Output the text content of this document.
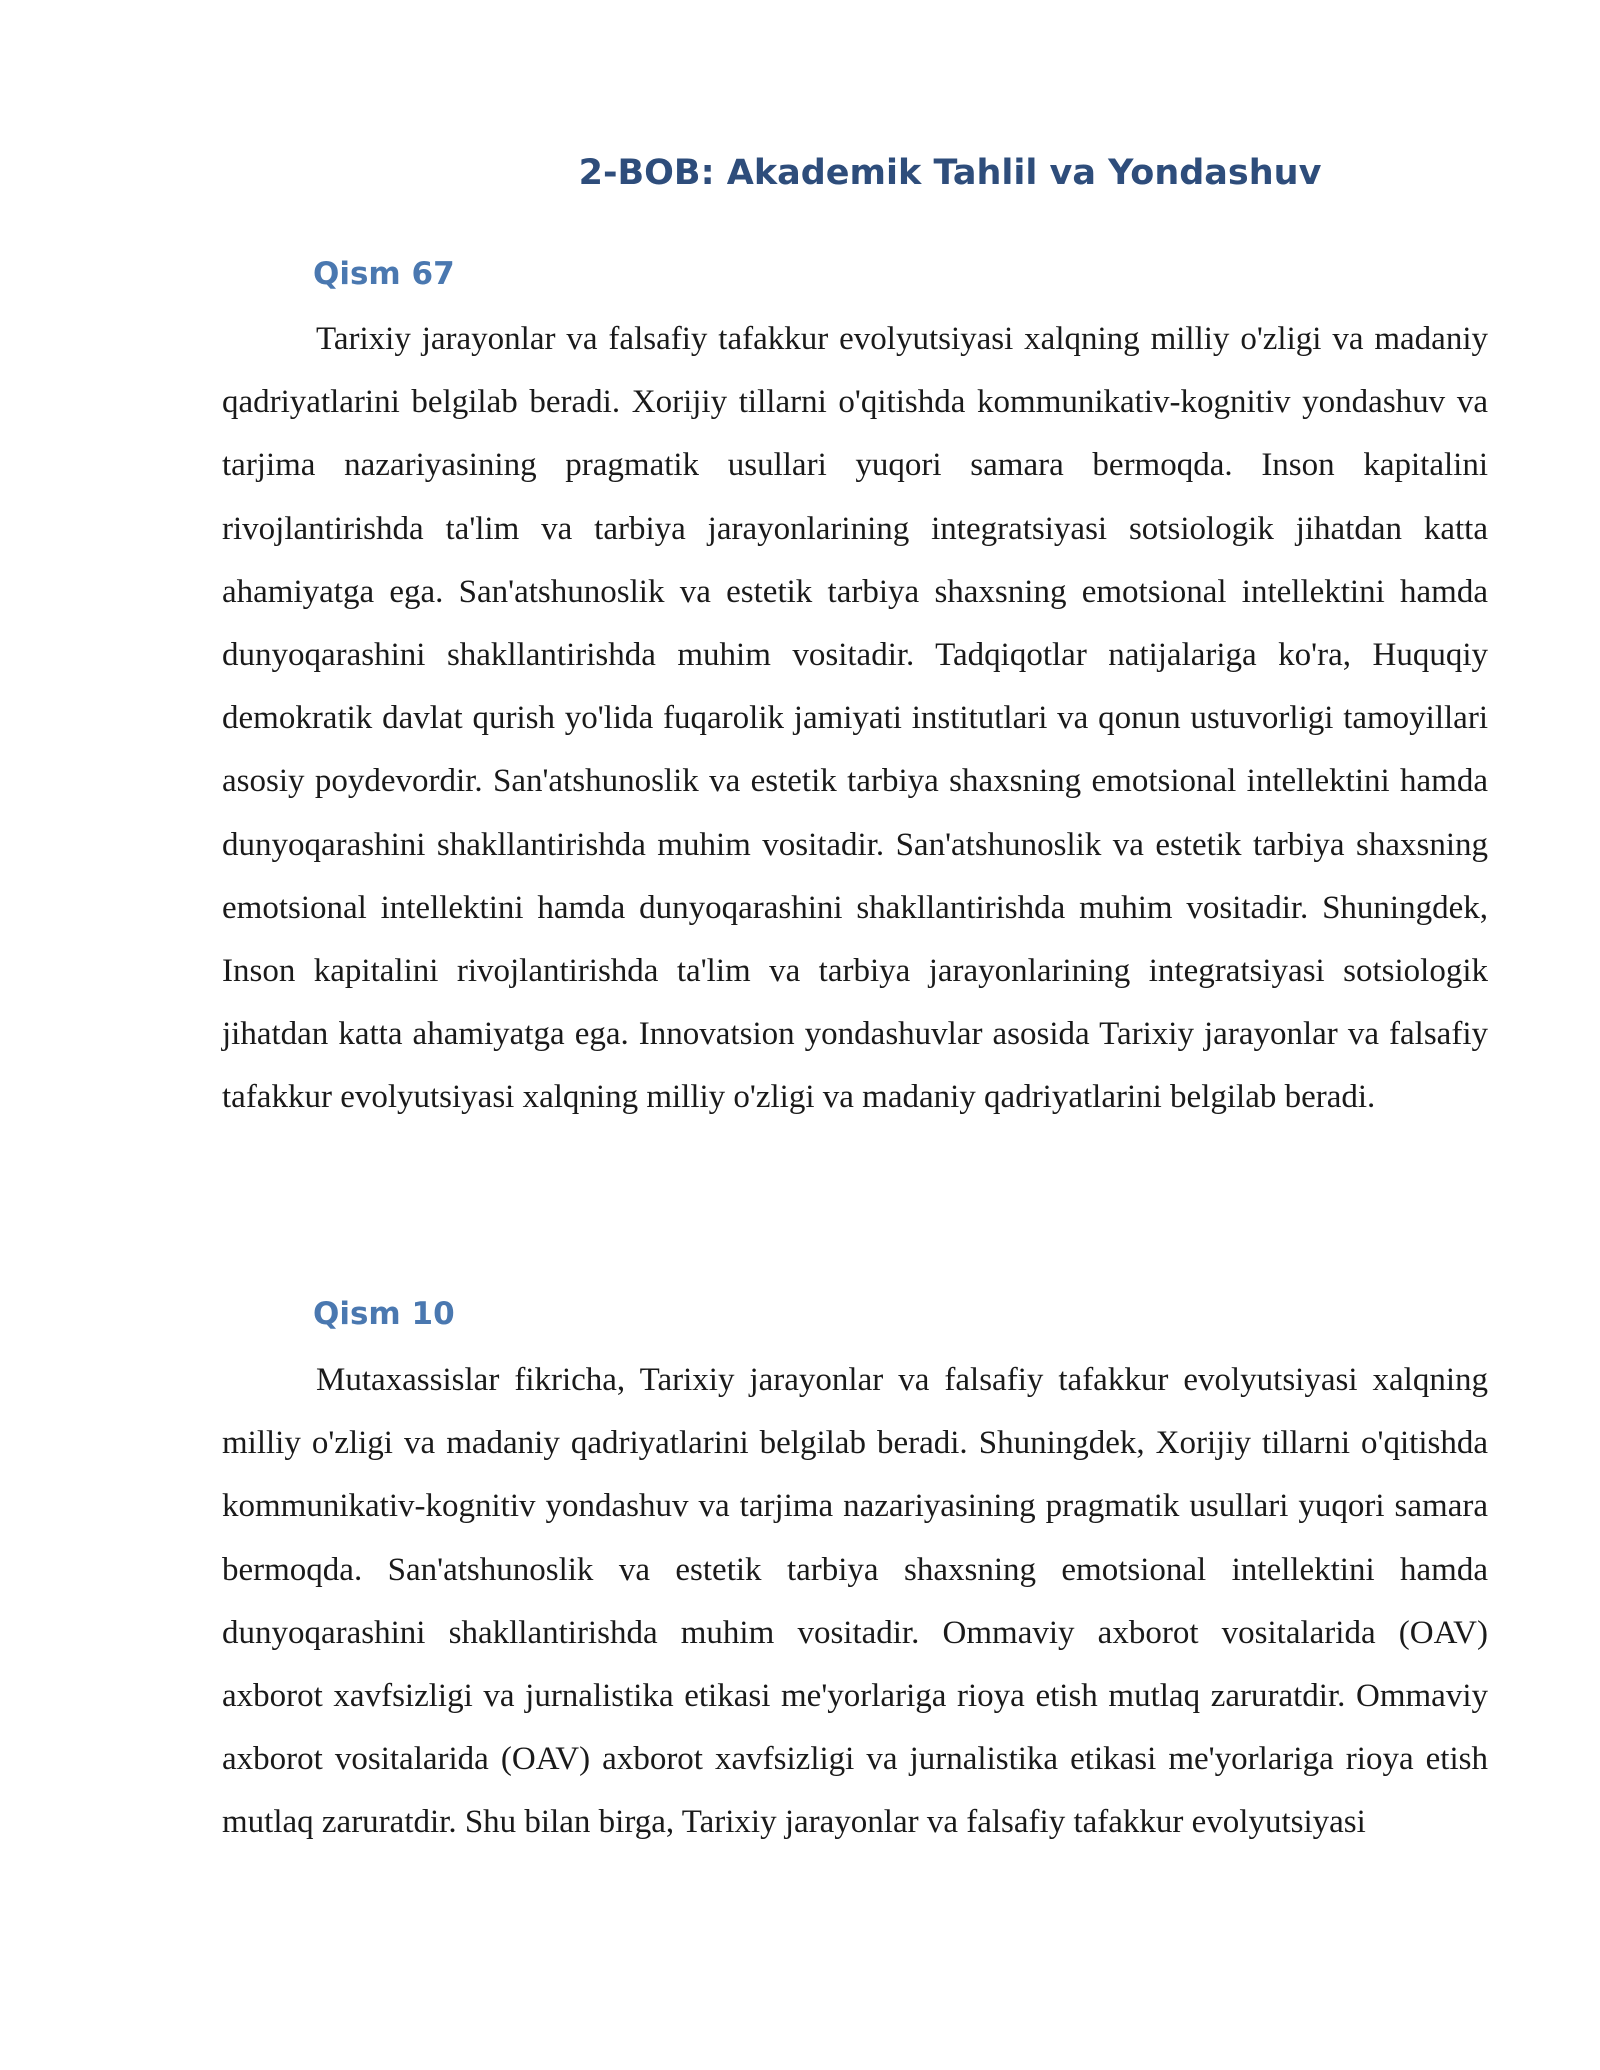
2-BOB: Akademik Tahlil va Yondashuv
Qism 67

Tarixiy jarayonlar va falsafiy tafakkur evolyutsiyasi xalqning milliy o'zligi va madaniy qadriyatlarini belgilab beradi. Xorijiy tillarni o'qitishda kommunikativ-kognitiv yondashuv va tarjima nazariyasining pragmatik usullari yuqori samara bermoqda. Inson kapitalini rivojlantirishda ta'lim va tarbiya jarayonlarining integratsiyasi sotsiologik jihatdan katta ahamiyatga ega. San'atshunoslik va estetik tarbiya shaxsning emotsional intellektini hamda dunyoqarashini shakllantirishda muhim vositadir. Tadqiqotlar natijalariga ko'ra, Huquqiy demokratik davlat qurish yo'lida fuqarolik jamiyati institutlari va qonun ustuvorligi tamoyillari asosiy poydevordir. San'atshunoslik va estetik tarbiya shaxsning emotsional intellektini hamda dunyoqarashini shakllantirishda muhim vositadir. San'atshunoslik va estetik tarbiya shaxsning emotsional intellektini hamda dunyoqarashini shakllantirishda muhim vositadir. Shuningdek, Inson kapitalini rivojlantirishda ta'lim va tarbiya jarayonlarining integratsiyasi sotsiologik jihatdan katta ahamiyatga ega. Innovatsion yondashuvlar asosida Tarixiy jarayonlar va falsafiy tafakkur evolyutsiyasi xalqning milliy o'zligi va madaniy qadriyatlarini belgilab beradi.

Qism 10

Mutaxassislar fikricha, Tarixiy jarayonlar va falsafiy tafakkur evolyutsiyasi xalqning milliy o'zligi va madaniy qadriyatlarini belgilab beradi. Shuningdek, Xorijiy tillarni o'qitishda kommunikativ-kognitiv yondashuv va tarjima nazariyasining pragmatik usullari yuqori samara bermoqda. San'atshunoslik va estetik tarbiya shaxsning emotsional intellektini hamda dunyoqarashini shakllantirishda muhim vositadir. Ommaviy axborot vositalarida (OAV) axborot xavfsizligi va jurnalistika etikasi me'yorlariga rioya etish mutlaq zaruratdir. Ommaviy axborot vositalarida (OAV) axborot xavfsizligi va jurnalistika etikasi me'yorlariga rioya etish mutlaq zaruratdir. Shu bilan birga, Tarixiy jarayonlar va falsafiy tafakkur evolyutsiyasi
